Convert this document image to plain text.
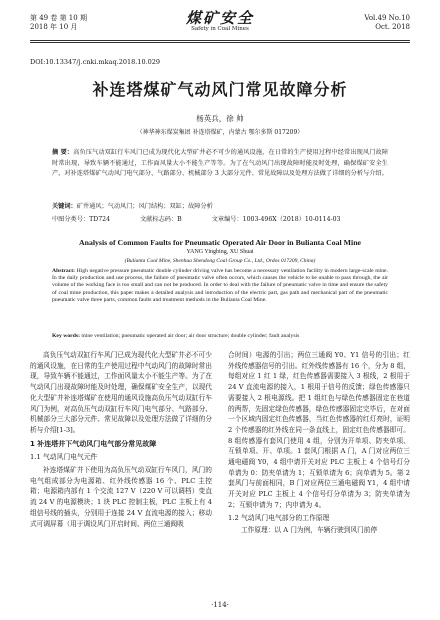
第 49 卷 第 10 期
2018 年 10 月	煤矿安全
Safety in Coal Mines
Vol.49 No.10
Oct. 2018
DOI:10.13347/j.cnki.mkaq.2018.10.029
补连塔煤矿气动风门常见故障分析
杨英兵，徐 帅
（神华神东煤炭集团 补连塔煤矿，内蒙古 鄂尔多斯 017209）
摘 要：高负压气动双缸行车风门已成为现代化大型矿井必不可少的通风设施，在日常的生产使用过程中经常出现风门故障时常出现，导致车辆不能通过，工作面风量大小不能生产等等。为了在气动风门出现故障时能及时处理，确保煤矿安全生产，对补连塔煤矿气动风门电气部分、气路部分、机械部分 3 大部分元件、常见故障以及处理方法做了详细的分析与介绍。
关键词：矿井通风；气动风门；风门结构；双缸；故障分析
中图分类号：TD724	文献标志码：B	文章编号：1003-496X（2018）10-0114-03
Analysis of Common Faults for Pneumatic Operated Air Door in Bulianta Coal Mine
YANG Yingbing, XU Shuai
(Bulianta Coal Mine, Shenhua Shendong Coal Group Co., Ltd., Ordos 017209, China)
Abstract: High negative pressure pneumatic double cylinder driving valve has become a necessary ventilation facility in modern large-scale mine. In the daily production and use process, the failure of pneumatic valve often occurs, which causes the vehicle to be unable to pass through, the air volume of the working face is too small and can not be produced. In order to deal with the failure of pneumatic valve in time and ensure the safety of coal mine production, this paper makes a detailed analysis and introduction of the electric part, gas path and mechanical part of the pneumatic pneumatic valve three parts, common faults and treatment methods in the Bulianta Coal Mine.
Key words: mine ventilation; pneumatic operated air door; air door structure; double cylinder; fault analysis

高负压气动双缸行车风门已成为现代化大型矿井必不可少的通风设施，在日常的生产使用过程中气动风门的故障时常出现，导致车辆不能通过，工作面风量太小不能生产等。为了在气动风门出现故障时能及时处理，确保煤矿安全生产，以现代化大型矿井补连塔煤矿在使用的通风设施高负压气动双缸行车风门为例，对高负压气动双缸行车风门电气部分、气路部分、机械部分三大部分元件、常见故障以及处理方法做了详细的分析与介绍[1-3]。

1 补连塔井下气动风门电气部分常见故障
1.1 气动风门电气元件

补连塔煤矿井下使用为高负压气动双缸行车风门，风门的电气组成部分为电源箱、红外线传感器 16 个、PLC 主控箱；电源箱内部有 1 个交流 127 V（220 V 可以调档）变直流 24 V 的电源模块；1 块 PLC 控制主板，PLC 主板上有 4 组信号线的插头，分别用于连接 24 V 直流电源的接入；移动式可调屏幕（用于调设风门开启时间、两位三通阀吸

合时间）电源的引出；两位三通阀 Y0、Y1 信号的引出；红外线传感器信号的引出。红外线传感器有 16 个，分为 8 组，每组对应 1 红 1 绿，红色传感器需要接入 3 根线，2 根用于 24 V 直流电源的接入，1 根用于信号的反馈；绿色传感器只需要接入 2 根电源线。把 1 组红色与绿色传感器固定在巷道的两帮，先固定绿色传感器，绿色传感器固定完毕后，在对面一个区域内固定红色传感器，当红色传感器的红灯亮时，证明 2 个传感器的红外线在同一条直线上，固定红色传感器即可。8 组传感器有套风门使用 4 组，分别为开单项、防夹单项、互锁单项、开、单项。1 套风门根据 A 门，A 门对应两位三通电磁阀 Y0，4 组中请开关对应 PLC 主板上 4 个信号灯分单请为 0：防夹单请为 1；互锁单请为 6；向单请为 5。第 2 套风门与前面相同，B 门对应两位三通电磁阀 Y1，4 组中请开关对应 PLC 主板上 4 个信号灯分单请为 3；防夹单请为 2；互锁申请为 7；内申请为 4。

1.2 气动风门电气部分的工作原理

工作原理：以 A 门为例，车辆行驶到风门前停

·114·
